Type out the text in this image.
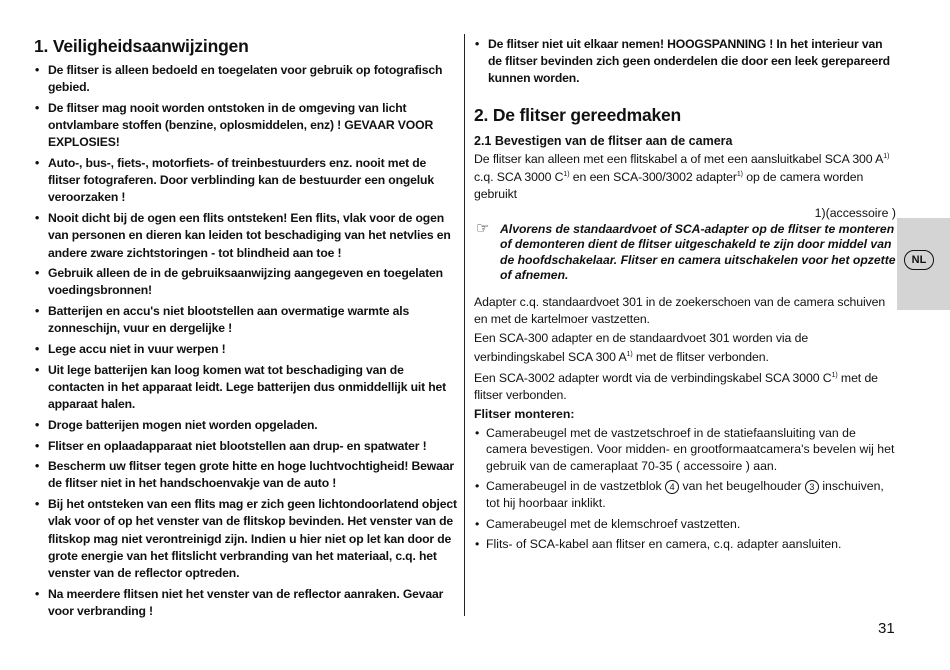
1. Veiligheidsaanwijzingen
• De flitser is alleen bedoeld en toegelaten voor gebruik op fotografisch gebied.
• De flitser mag nooit worden ontstoken in de omgeving van licht ontvlambare stoffen (benzine, oplosmiddelen, enz) ! GEVAAR VOOR EXPLOSIES!
• Auto-, bus-, fiets-, motorfiets- of treinbestuurders enz. nooit met de flitser fotograferen. Door verblinding kan de bestuurder een ongeluk veroorzaken !
• Nooit dicht bij de ogen een flits ontsteken! Een flits, vlak voor de ogen van personen en dieren kan leiden tot beschadiging van het netvlies en andere zware zichtstoringen - tot blindheid aan toe !
• Gebruik alleen de in de gebruiksaanwijzing aangegeven en toegelaten voedingsbronnen!
• Batterijen en accu's niet blootstellen aan overmatige warmte als zonneschijn, vuur en dergelijke !
• Lege accu niet in vuur werpen !
• Uit lege batterijen kan loog komen wat tot beschadiging van de contacten in het apparaat leidt. Lege batterijen dus onmiddellijk uit het apparaat halen.
• Droge batterijen mogen niet worden opgeladen.
• Flitser en oplaadapparaat niet blootstellen aan drup- en spatwater !
• Bescherm uw flitser tegen grote hitte en hoge luchtvochtigheid! Bewaar de flitser niet in het handschoenvakje van de auto !
• Bij het ontsteken van een flits mag er zich geen lichtondoorlatend object vlak voor of op het venster van de flitskop bevinden. Het venster van de flitskop mag niet verontreinigd zijn. Indien u hier niet op let kan door de grote energie van het flitslicht verbranding van het materiaal, c.q. het venster van de reflector optreden.
• Na meerdere flitsen niet het venster van de reflector aanraken. Gevaar voor verbranding !
• De flitser niet uit elkaar nemen! HOOGSPANNING ! In het interieur van de flitser bevinden zich geen onderdelen die door een leek gerepareerd kunnen worden.
2. De flitser gereedmaken
2.1 Bevestigen van de flitser aan de camera

De flitser kan alleen met een flitskabel a of met een aansluitkabel SCA 300 $A^{1)}$ c.q. SCA 3000 $C^{1)}$ en een SCA-300/3002 adapter$^{1)}$ op de camera worden gebruikt

1)(accessoire )

☞ Alvorens de standaardvoet of SCA-adapter op de flitser te monteren of demonteren dient de flitser uitgeschakeld te zijn door middel van de hoofdschakelaar. Flitser en camera uitschakelen voor het opzette of afnemen.

Adapter c.q. standaardvoet 301 in de zoekerschoen van de camera schuiven en met de kartelmoer vastzetten.

Een SCA-300 adapter en de standaardvoet 301 worden via de verbindingskabel SCA 300 $A^{1)}$ met de flitser verbonden.

Een SCA-3002 adapter wordt via de verbindingskabel SCA 3000 $C^{1)}$ met de flitser verbonden.

Flitser monteren:

• Camerabeugel met de vastzetschroef in de statiefaansluiting van de camera bevestigen. Voor midden- en grootformaatcamera's bevelen wij het gebruik van de cameraplaat 70-35 ( accessoire ) aan.
• Camerabeugel in de vastzetblok 4 van het beugelhouder 3 inschuiven, tot hij hoorbaar inklikt.
• Camerabeugel met de klemschroef vastzetten.
• Flits- of SCA-kabel aan flitser en camera, c.q. adapter aansluiten.
NL
31
